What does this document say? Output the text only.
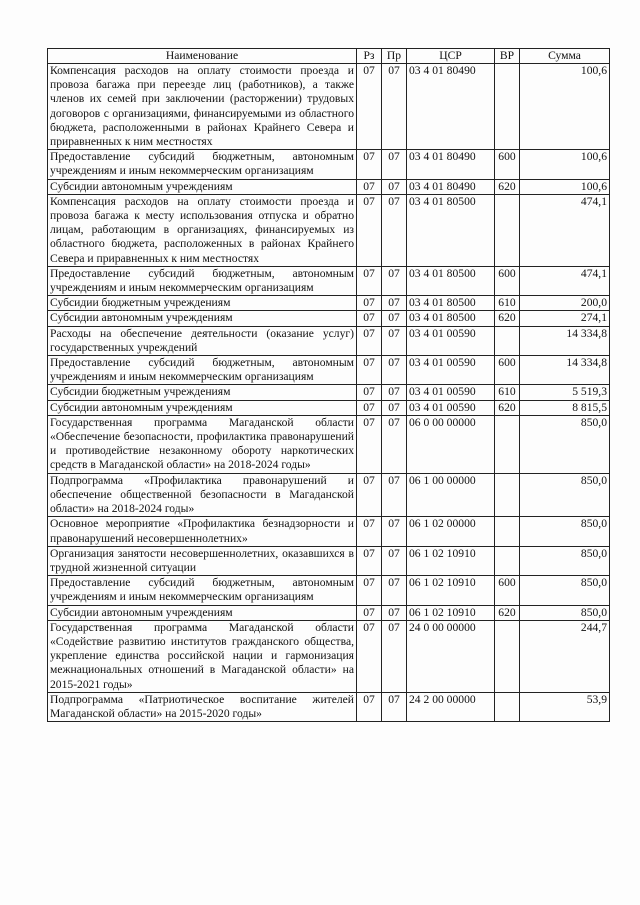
Наименование	Рз	Пр	ЦСР	ВР	Сумма
Компенсация расходов на оплату стоимости проезда и провоза багажа при переезде лиц (работников), а также членов их семей при заключении (расторжении) трудовых договоров с организациями, финансируемыми из областного бюджета, расположенными в районах Крайнего Севера и приравненных к ним местностях	07	07	03 4 01 80490		100,6
Предоставление субсидий бюджетным, автономным учреждениям и иным некоммерческим организациям	07	07	03 4 01 80490	600	100,6
Субсидии автономным учреждениям	07	07	03 4 01 80490	620	100,6
Компенсация расходов на оплату стоимости проезда и провоза багажа к месту использования отпуска и обратно лицам, работающим в организациях, финансируемых из областного бюджета, расположенных в районах Крайнего Севера и приравненных к ним местностях	07	07	03 4 01 80500		474,1
Предоставление субсидий бюджетным, автономным учреждениям и иным некоммерческим организациям	07	07	03 4 01 80500	600	474,1
Субсидии бюджетным учреждениям	07	07	03 4 01 80500	610	200,0
Субсидии автономным учреждениям	07	07	03 4 01 80500	620	274,1
Расходы на обеспечение деятельности (оказание услуг) государственных учреждений	07	07	03 4 01 00590		14 334,8
Предоставление субсидий бюджетным, автономным учреждениям и иным некоммерческим организациям	07	07	03 4 01 00590	600	14 334,8
Субсидии бюджетным учреждениям	07	07	03 4 01 00590	610	5 519,3
Субсидии автономным учреждениям	07	07	03 4 01 00590	620	8 815,5
Государственная программа Магаданской области «Обеспечение безопасности, профилактика правонарушений и противодействие незаконному обороту наркотических средств в Магаданской области» на 2018-2024 годы»	07	07	06 0 00 00000		850,0
Подпрограмма «Профилактика правонарушений и обеспечение общественной безопасности в Магаданской области» на 2018-2024 годы»	07	07	06 1 00 00000		850,0
Основное мероприятие «Профилактика безнадзорности и правонарушений несовершеннолетних»	07	07	06 1 02 00000		850,0
Организация занятости несовершеннолетних, оказавшихся в трудной жизненной ситуации	07	07	06 1 02 10910		850,0
Предоставление субсидий бюджетным, автономным учреждениям и иным некоммерческим организациям	07	07	06 1 02 10910	600	850,0
Субсидии автономным учреждениям	07	07	06 1 02 10910	620	850,0
Государственная программа Магаданской области «Содействие развитию институтов гражданского общества, укрепление единства российской нации и гармонизация межнациональных отношений в Магаданской области» на 2015-2021 годы»	07	07	24 0 00 00000		244,7
Подпрограмма «Патриотическое воспитание жителей Магаданской области» на 2015-2020 годы»	07	07	24 2 00 00000		53,9
